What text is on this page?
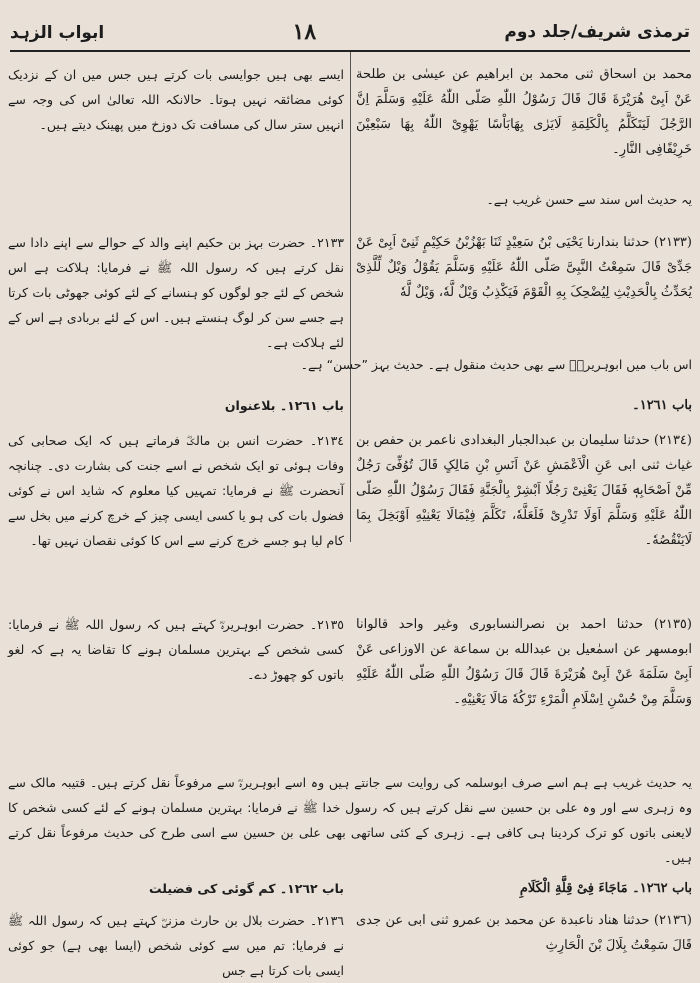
ترمذی شریف/جلد دوم
١٨
ابواب الزہد

محمد بن اسحاق ثنی محمد بن ابراهیم عن عیسٰی بن طلحة عَنْ اَبِیْ هُرَیْرَةَ قَالَ قَالَ رَسُوْلُ اللّٰهِ صَلّی اللّٰهُ عَلَیْهِ وَسَلَّمَ اِنَّ الرَّجُلَ لَیَتَکَلَّمُ بِالْکَلِمَةِ لَایَرٰی بِهَابَاْسًا یَهْوِیْ اللّٰهُ بِهَا سَبْعِیْنَ خَرِیْفًافِی النَّارِ۔

ایسے بھی ہیں جوایسی بات کرتے ہیں جس میں ان کے نزدیک کوئی مضائقہ نہیں ہوتا۔ حالانکہ اللہ تعالیٰ اس کی وجہ سے انہیں ستر سال کی مسافت تک دوزخ میں پھینک دیتے ہیں۔

یہ حدیث اس سند سے حسن غریب ہے۔

(٢١٣٣) حدثنا بندارنا یَحْیَی بْنُ سَعِیْدٍ ثَنَا بَهْزُبْنُ حَکِیْمٍ ثَنِیْ اَبِیْ عَنْ جَدِّیْ قَالَ سَمِعْتُ النَّبِیَّ صَلّی اللّٰهُ عَلَیْهِ وَسَلَّمَ یَقُوْلُ وَیْلٌ لِّلَّذِیْ یُحَدِّثُ بِالْحَدِیْثِ لِیُضْحِکَ بِهِ الْقَوْمَ فَیَکْذِبُ وَیْلٌ لَّهٗ، وَیْلٌ لَّهٗ

٢١٣٣۔ حضرت بہز بن حکیم اپنے والد کے حوالے سے اپنے دادا سے نقل کرتے ہیں کہ رسول اللہ ﷺ نے فرمایا: ہلاکت ہے اس شخص کے لئے جو لوگوں کو ہنسانے کے لئے کوئی جھوٹی بات کرتا ہے جسے سن کر لوگ ہنستے ہیں۔ اس کے لئے بربادی ہے اس کے لئے ہلاکت ہے۔

اس باب میں ابوہریرہؓ سے بھی حدیث منقول ہے۔ حدیث بہز ”حسن“ ہے۔

باب ١٢٦١۔

باب ١٢٦١۔ بلاعنوان

(٢١٣٤) حدثنا سلیمان بن عبدالجبار البغدادی ناعمر بن حفص بن غیاث ثنی ابی عَنِ الْاَعْمَشِ عَنْ اَنَسِ بْنِ مَالِکٍ قَالَ تُوُفِّیَ رَجُلٌ مِّنْ اَصْحَابِهٖ فَقَالَ یَعْنِیْ رَجُلًا اَبْشِرْ بِالْجَنَّةِ فَقَالَ رَسُوْلُ اللّٰهِ صَلّی اللّٰهُ عَلَیْهِ وَسَلَّمَ اَوَلَا تَدْرِیْ فَلَعَلَّهٗ، تَکَلَّمَ فِیْمَالَا یَعْنِیْهِ اَوْبَخِلَ بِمَا لَایَنْقُصُهٗ۔

٢١٣٤۔ حضرت انس بن مالکؓ فرماتے ہیں کہ ایک صحابی کی وفات ہوئی تو ایک شخص نے اسے جنت کی بشارت دی۔ چنانچہ آنحضرت ﷺ نے فرمایا: تمہیں کیا معلوم کہ شاید اس نے کوئی فضول بات کی ہو یا کسی ایسی چیز کے خرچ کرنے میں بخل سے کام لیا ہو جسے خرچ کرنے سے اس کا کوئی نقصان نہیں تھا۔

(٢١٣٥) حدثنا احمد بن نصرالنسابوری وغیر واحد قالوانا ابومسهر عن اسمٰعیل بن عبدالله بن سماعة عن الاوزاعی عَنْ اَبِیْ سَلَمَةَ عَنْ اَبِیْ هُرَیْرَةَ قَالَ قَالَ رَسُوْلُ اللّٰهِ صَلّی اللّٰهُ عَلَیْهِ وَسَلَّمَ مِنْ حُسْنِ اِسْلَامِ الْمَرْءِ تَرْکُهٗ مَالَا یَعْنِیْهِ۔

٢١٣٥۔ حضرت ابوہریرہؓ کہتے ہیں کہ رسول اللہ ﷺ نے فرمایا: کسی شخص کے بہترین مسلمان ہونے کا تقاضا یہ ہے کہ لغو باتوں کو چھوڑ دے۔

یہ حدیث غریب ہے ہم اسے صرف ابوسلمہ کی روایت سے جانتے ہیں وہ اسے ابوہریرہؓ سے مرفوعاً نقل کرتے ہیں۔ قتیبہ مالک سے وہ زہری سے اور وہ علی بن حسین سے نقل کرتے ہیں کہ رسول خدا ﷺ نے فرمایا: بہترین مسلمان ہونے کے لئے کسی شخص کا لایعنی باتوں کو ترک کردینا ہی کافی ہے۔ زہری کے کئی ساتھی بھی علی بن حسین سے اسی طرح کی حدیث مرفوعاً نقل کرتے ہیں۔

باب ١٢٦٢۔ مَاجَاءَ فِیْ قِلَّةِ الْکَلَامِ

باب ١٢٦٢۔ کم گوئی کی فضیلت

(٢١٣٦) حدثنا هناد ناعبدة عن محمد بن عمرو ثنی ابی عن جدی قَالَ سَمِعْتُ بِلَالَ بْنَ الْحَارِثِ

٢١٣٦۔ حضرت بلال بن حارث مزنیؓ کہتے ہیں کہ رسول اللہ ﷺ نے فرمایا: تم میں سے کوئی شخص (ایسا بھی ہے) جو کوئی ایسی بات کرتا ہے جس
